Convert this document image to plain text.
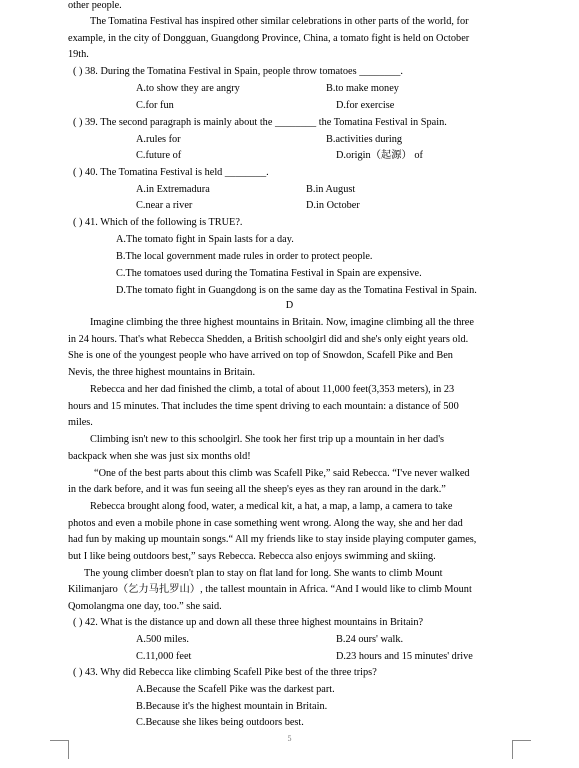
other people.
The Tomatina Festival has inspired other similar celebrations in other parts of the world, for
example, in the city of Dongguan, Guangdong Province, China, a tomato fight is held on October
19th.
( ) 38. During the Tomatina Festival in Spain, people throw tomatoes ________.
A.to show they are angry	B.to make money
C.for fun	D.for exercise
( ) 39. The second paragraph is mainly about the ________ the Tomatina Festival in Spain.
A.rules for	B.activities during
C.future of	D.origin（起源） of
( ) 40. The Tomatina Festival is held ________.
A.in Extremadura	B.in August
C.near a river	D.in October
( ) 41. Which of the following is TRUE?.
A.The tomato fight in Spain lasts for a day.
B.The local government made rules in order to protect people.
C.The tomatoes used during the Tomatina Festival in Spain are expensive.
D.The tomato fight in Guangdong is on the same day as the Tomatina Festival in Spain.
D
Imagine climbing the three highest mountains in Britain. Now, imagine climbing all the three
in 24 hours. That's what Rebecca Shedden, a British schoolgirl did and she's only eight years old.
She is one of the youngest people who have arrived on top of Snowdon, Scafell Pike and Ben
Nevis, the three highest mountains in Britain.
Rebecca and her dad finished the climb, a total of about 11,000 feet(3,353 meters), in 23
hours and 15 minutes. That includes the time spent driving to each mountain: a distance of 500
miles.
Climbing isn't new to this schoolgirl. She took her first trip up a mountain in her dad's
backpack when she was just six months old!
“One of the best parts about this climb was Scafell Pike,” said Rebecca. “I've never walked
in the dark before, and it was fun seeing all the sheep's eyes as they ran around in the dark.”
Rebecca brought along food, water, a medical kit, a hat, a map, a lamp, a camera to take
photos and even a mobile phone in case something went wrong. Along the way, she and her dad
had fun by making up mountain songs.“ All my friends like to stay inside playing computer games,
but I like being outdoors best,” says Rebecca. Rebecca also enjoys swimming and skiing.
The young climber doesn't plan to stay on flat land for long. She wants to climb Mount
Kilimanjaro（乞力马扎罗山）, the tallest mountain in Africa. “And I would like to climb Mount
Qomolangma one day, too.” she said.
( ) 42. What is the distance up and down all these three highest mountains in Britain?
A.500 miles.	B.24 ours' walk.
C.11,000 feet	D.23 hours and 15 minutes' drive
( ) 43. Why did Rebecca like climbing Scafell Pike best of the three trips?
A.Because the Scafell Pike was the darkest part.
B.Because it's the highest mountain in Britain.
C.Because she likes being outdoors best.
5
